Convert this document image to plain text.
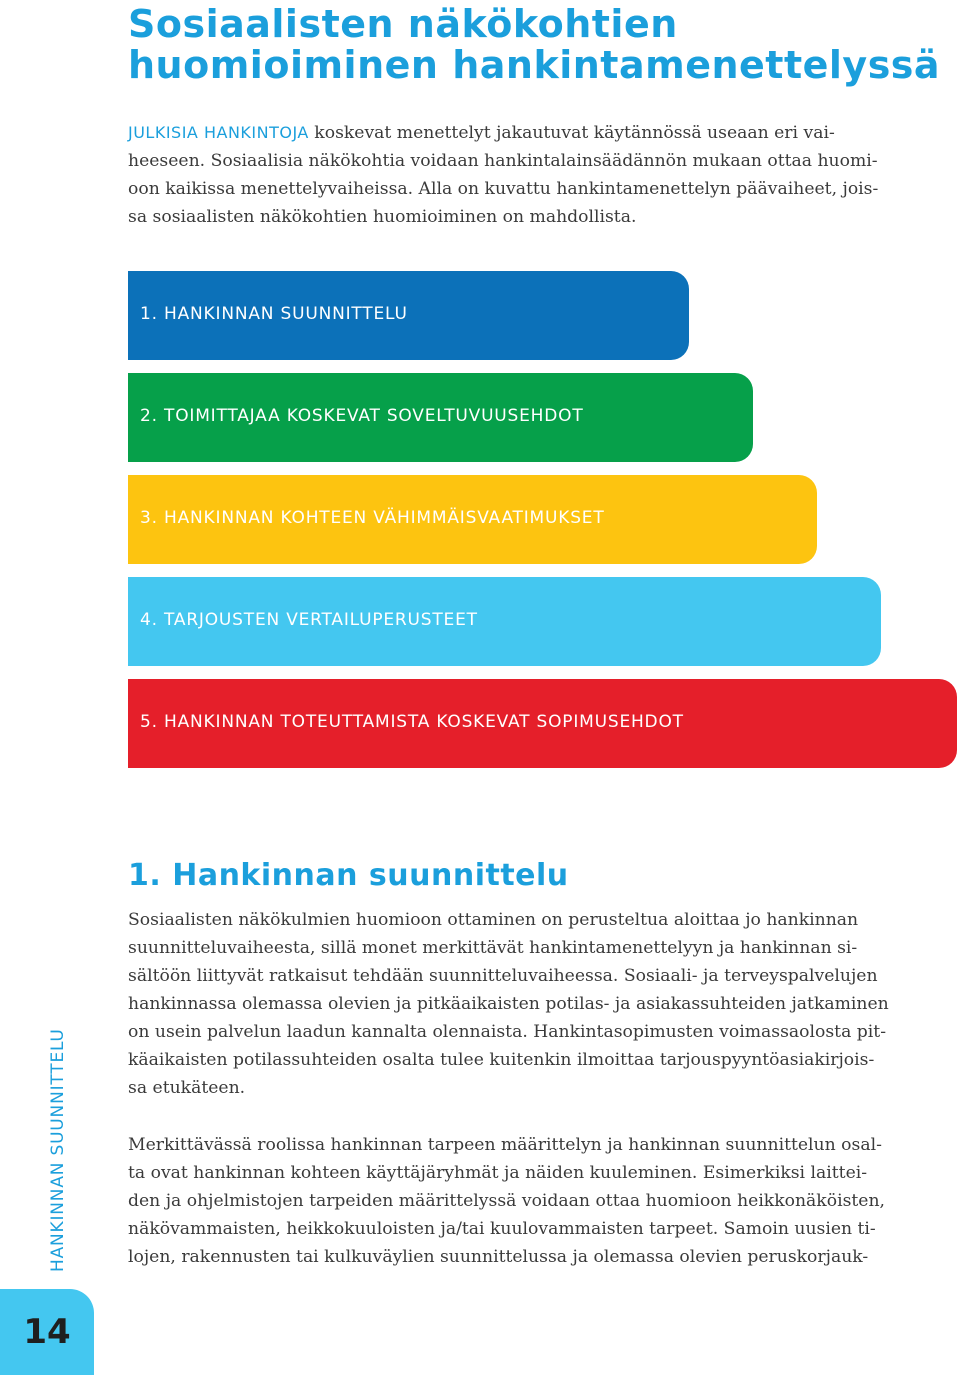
Sosiaalisten näkökohtien
huomioiminen hankintamenettelyssä
JULKISIA HANKINTOJA koskevat menettelyt jakautuvat käytännössä useaan eri vai-
heeseen. Sosiaalisia näkökohtia voidaan hankintalainsäädännön mukaan ottaa huomi-
oon kaikissa menettelyvaiheissa. Alla on kuvattu hankintamenettelyn päävaiheet, jois-
sa sosiaalisten näkökohtien huomioiminen on mahdollista.
1. HANKINNAN SUUNNITTELU
2. TOIMITTAJAA KOSKEVAT SOVELTUVUUSEHDOT
3. HANKINNAN KOHTEEN VÄHIMMÄISVAATIMUKSET
4. TARJOUSTEN VERTAILUPERUSTEET
5. HANKINNAN TOTEUTTAMISTA KOSKEVAT SOPIMUSEHDOT
1. Hankinnan suunnittelu
Sosiaalisten näkökulmien huomioon ottaminen on perusteltua aloittaa jo hankinnan
suunnitteluvaiheesta, sillä monet merkittävät hankintamenettelyyn ja hankinnan si-
sältöön liittyvät ratkaisut tehdään suunnitteluvaiheessa. Sosiaali- ja terveyspalvelujen
hankinnassa olemassa olevien ja pitkäaikaisten potilas- ja asiakassuhteiden jatkaminen
on usein palvelun laadun kannalta olennaista. Hankintasopimusten voimassaolosta pit-
käaikaisten potilassuhteiden osalta tulee kuitenkin ilmoittaa tarjouspyyntöasiakirjois-
sa etukäteen.
Merkittävässä roolissa hankinnan tarpeen määrittelyn ja hankinnan suunnittelun osal-
ta ovat hankinnan kohteen käyttäjäryhmät ja näiden kuuleminen. Esimerkiksi laittei-
den ja ohjelmistojen tarpeiden määrittelyssä voidaan ottaa huomioon heikkonäköisten,
näkövammaisten, heikkokuuloisten ja/tai kuulovammaisten tarpeet. Samoin uusien ti-
lojen, rakennusten tai kulkuväylien suunnittelussa ja olemassa olevien peruskorjauk-
HANKINNAN SUUNNITTELU
14
